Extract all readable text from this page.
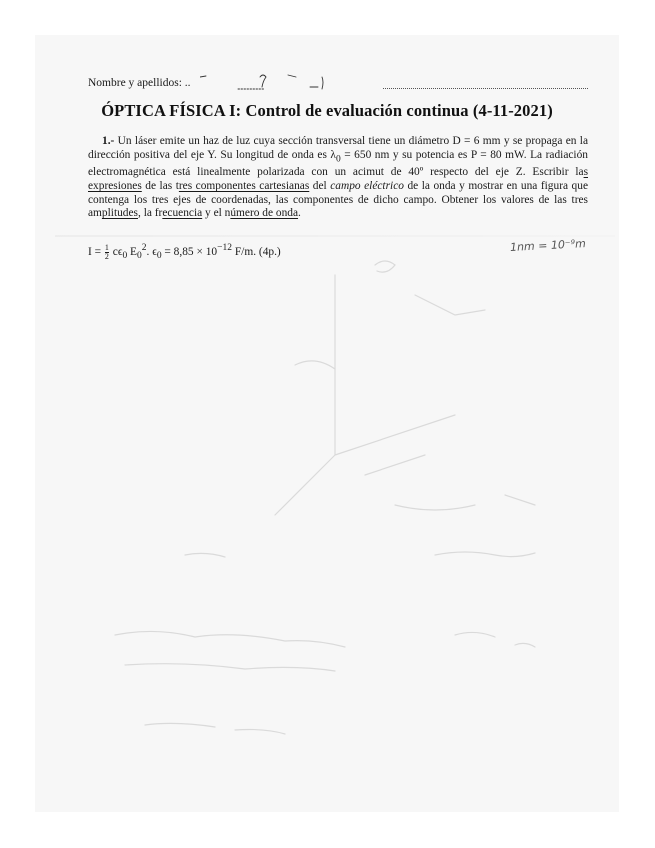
Nombre y apellidos: ..
ÓPTICA FÍSICA I: Control de evaluación continua (4-11-2021)
1.- Un láser emite un haz de luz cuya sección transversal tiene un diámetro D = 6 mm y se propaga en la dirección positiva del eje Y. Su longitud de onda es $\lambda_0 = 650$ nm y su potencia es P = 80 mW. La radiación electromagnética está linealmente polarizada con un acimut de 40º respecto del eje Z. Escribir las expresiones de las tres componentes cartesianas del campo eléctrico de la onda y mostrar en una figura que contenga los tres ejes de coordenadas, las componentes de dicho campo. Obtener los valores de las tres amplitudes, la frecuencia y el número de onda.
$I = \frac{1}{2} c\epsilon_0$ $E_0^2$. $\epsilon_0 = 8,85 \times 10^{-12}$ F/m. (4p.)	1nm = 10⁻⁹m
